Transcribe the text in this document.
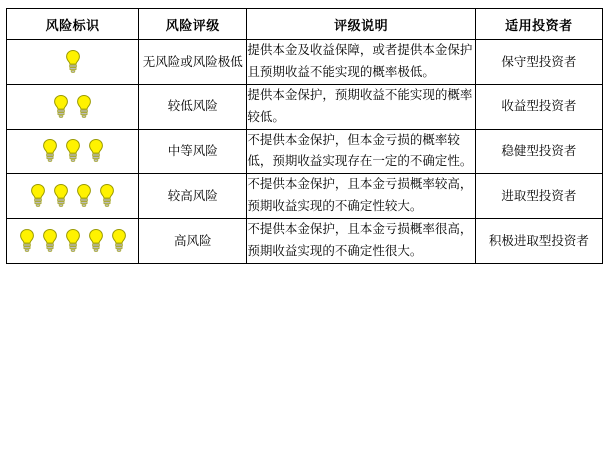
风险标识	风险评级	评级说明	适用投资者

	无风险或风险极低	提供本金及收益保障，或者提供本金保护且预期收益不能实现的概率极低。	保守型投资者

	较低风险	提供本金保护，预期收益不能实现的概率较低。	收益型投资者

	中等风险	不提供本金保护，但本金亏损的概率较低，预期收益实现存在一定的不确定性。	稳健型投资者

	较高风险	不提供本金保护，且本金亏损概率较高，预期收益实现的不确定性较大。	进取型投资者

	高风险	不提供本金保护，且本金亏损概率很高，预期收益实现的不确定性很大。	积极进取型投资者
